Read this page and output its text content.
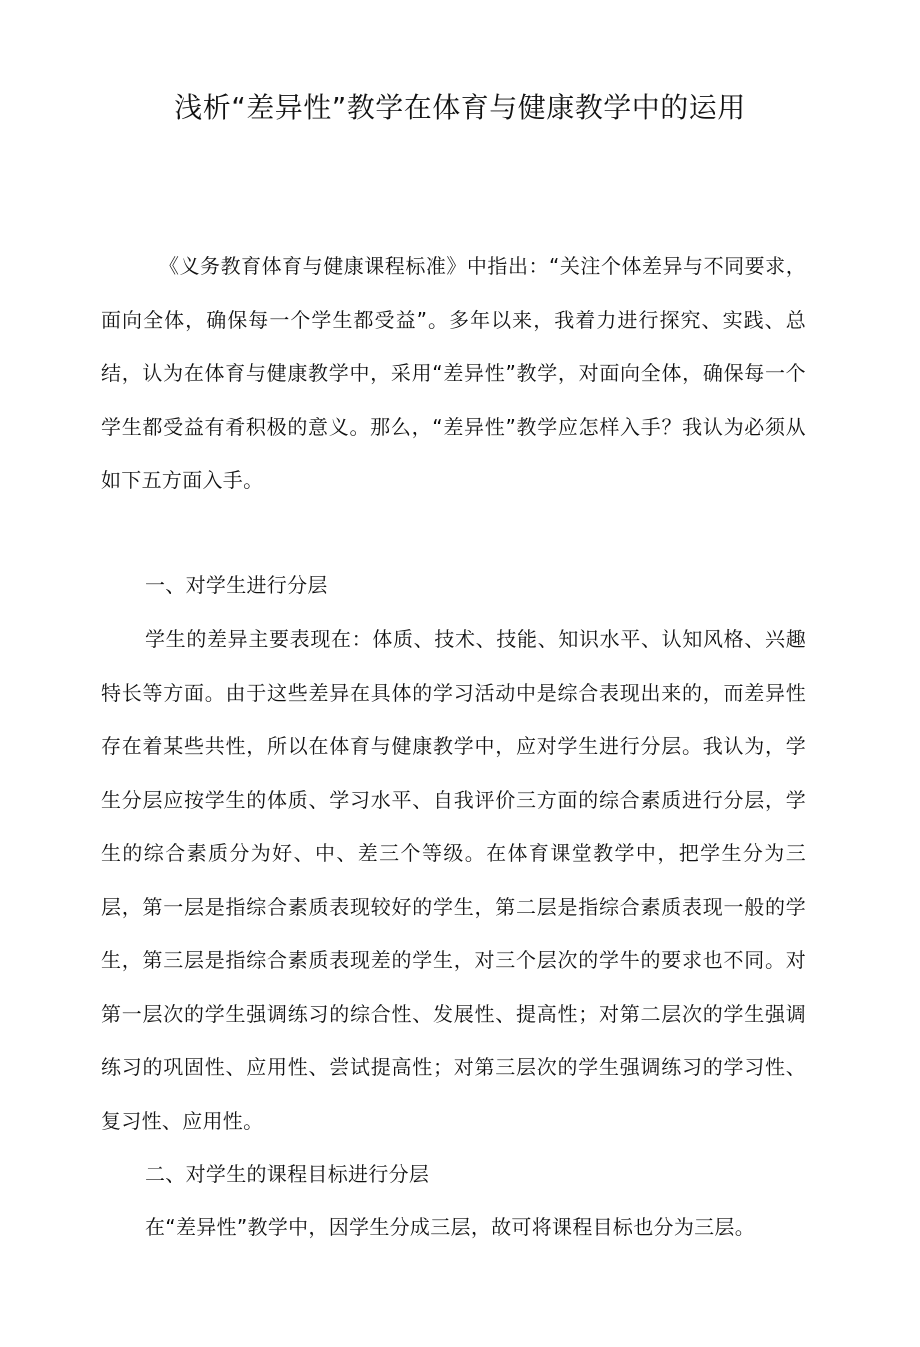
浅析“差异性”教学在体育与健康教学中的运用

《义务教育体育与健康课程标准》中指出：“关注个体差异与不同要求，面向全体，确保每一个学生都受益”。多年以来，我着力进行探究、实践、总结，认为在体育与健康教学中，采用“差异性”教学，对面向全体，确保每一个学生都受益有肴积极的意义。那么，“差异性”教学应怎样入手？我认为必须从如下五方面入手。

一、对学生进行分层

学生的差异主要表现在：体质、技术、技能、知识水平、认知风格、兴趣特长等方面。由于这些差异在具体的学习活动中是综合表现出来的，而差异性存在着某些共性，所以在体育与健康教学中，应对学生进行分层。我认为，学生分层应按学生的体质、学习水平、自我评价三方面的综合素质进行分层，学生的综合素质分为好、中、差三个等级。在体育课堂教学中，把学生分为三层，第一层是指综合素质表现较好的学生，第二层是指综合素质表现一般的学生，第三层是指综合素质表现差的学生，对三个层次的学牛的要求也不同。对第一层次的学生强调练习的综合性、发展性、提高性；对第二层次的学生强调练习的巩固性、应用性、尝试提高性；对第三层次的学生强调练习的学习性、复习性、应用性。

二、对学生的课程目标进行分层

在“差异性”教学中，因学生分成三层，故可将课程目标也分为三层。
